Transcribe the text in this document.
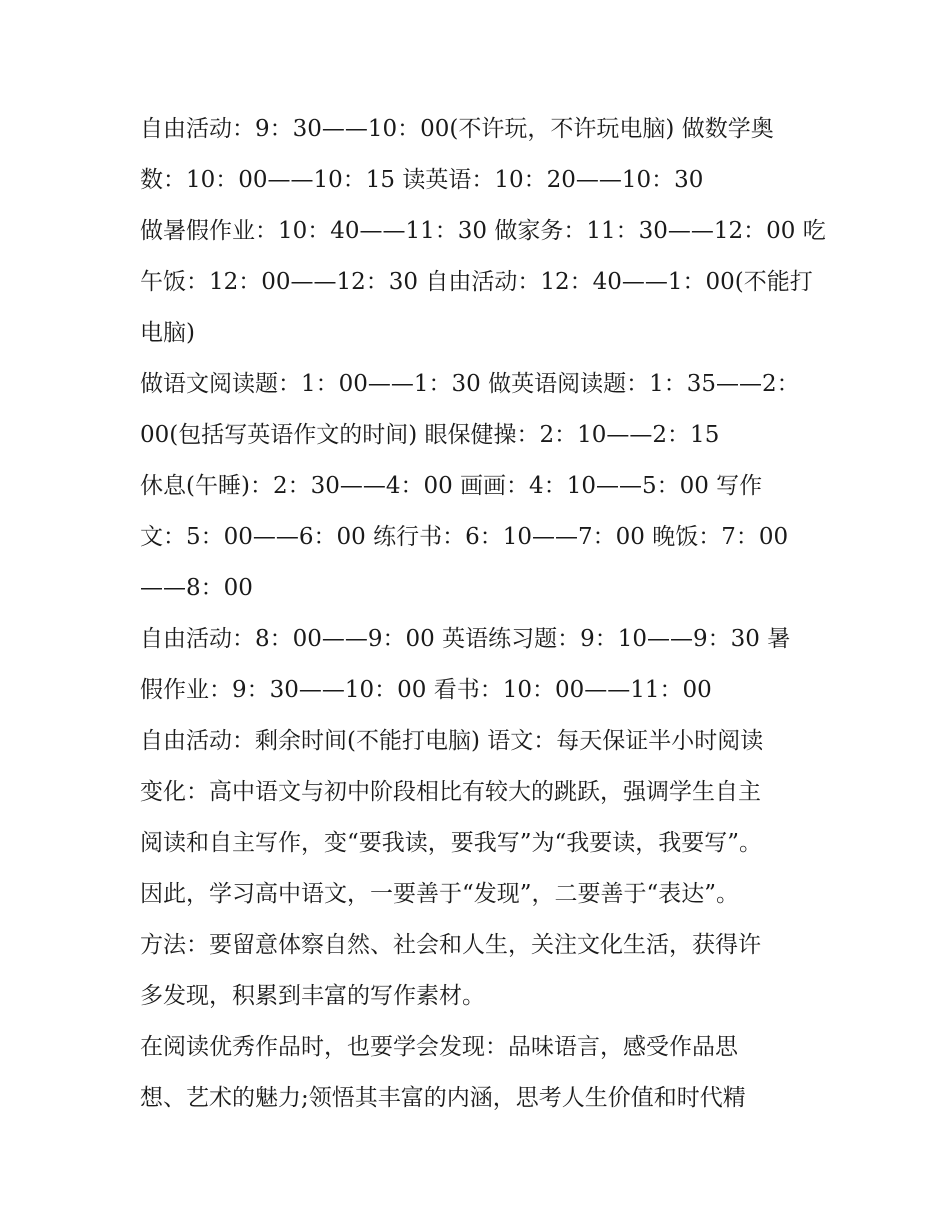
自由活动：9：30——10：00(不许玩，不许玩电脑) 做数学奥
数：10：00——10：15 读英语：10：20——10：30
做暑假作业：10：40——11：30 做家务：11：30——12：00 吃
午饭：12：00——12：30 自由活动：12：40——1：00(不能打
电脑)
做语文阅读题：1：00——1：30 做英语阅读题：1：35——2：
00(包括写英语作文的时间) 眼保健操：2：10——2：15
休息(午睡)：2：30——4：00 画画：4：10——5：00 写作
文：5：00——6：00 练行书：6：10——7：00 晚饭：7：00
——8：00
自由活动：8：00——9：00 英语练习题：9：10——9：30 暑
假作业：9：30——10：00 看书：10：00——11：00
自由活动：剩余时间(不能打电脑) 语文：每天保证半小时阅读
变化：高中语文与初中阶段相比有较大的跳跃，强调学生自主
阅读和自主写作，变“要我读，要我写”为“我要读，我要写”。
因此，学习高中语文，一要善于“发现”，二要善于“表达”。
方法：要留意体察自然、社会和人生，关注文化生活，获得许
多发现，积累到丰富的写作素材。
在阅读优秀作品时，也要学会发现：品味语言，感受作品思
想、艺术的魅力;领悟其丰富的内涵，思考人生价值和时代精
